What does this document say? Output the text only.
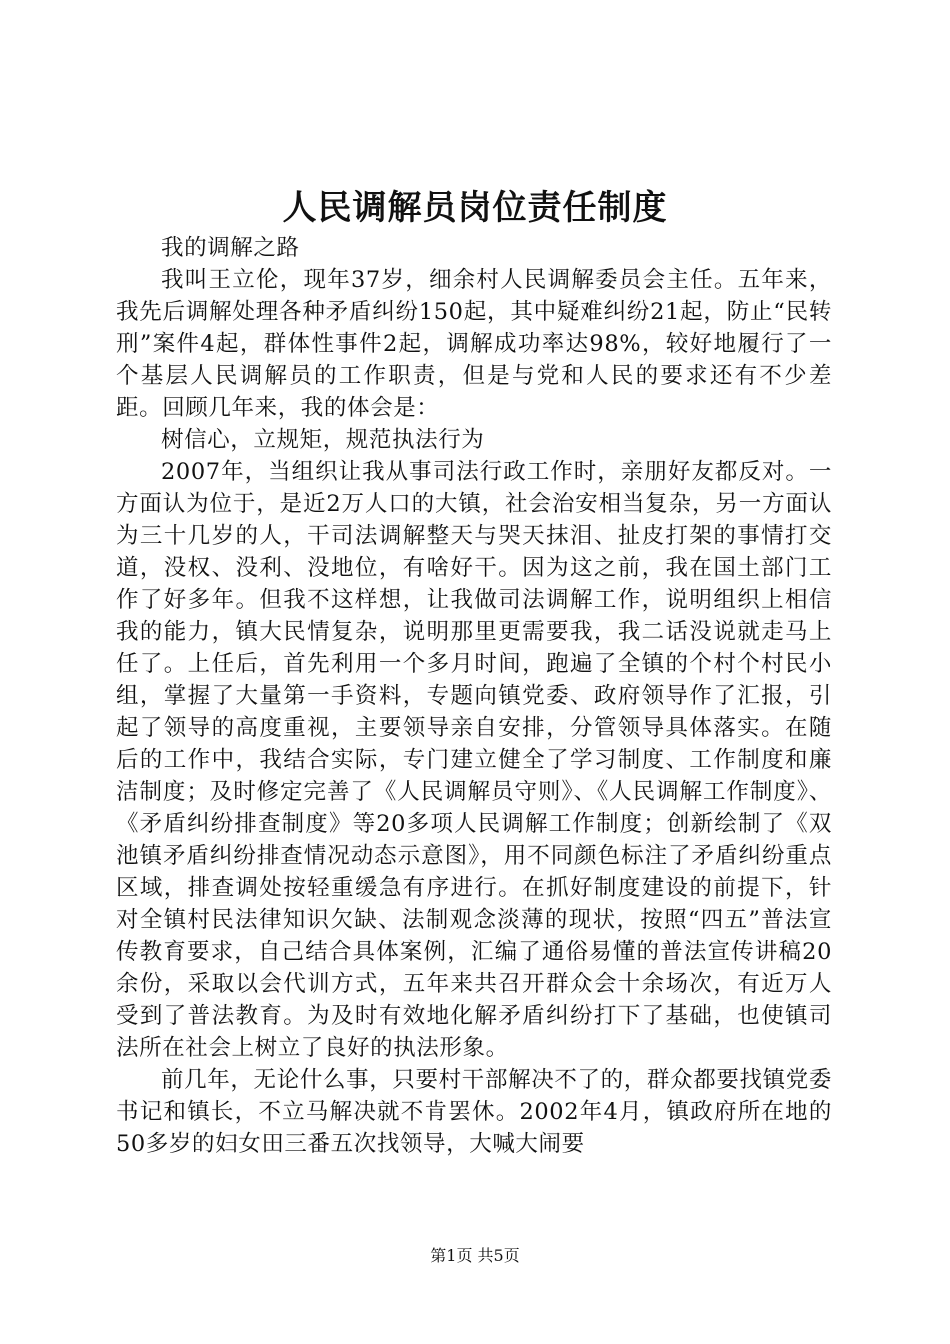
人民调解员岗位责任制度

我的调解之路

我叫王立伦，现年37岁，细余村人民调解委员会主任。五年来，我先后调解处理各种矛盾纠纷150起，其中疑难纠纷21起，防止“民转刑”案件4起，群体性事件2起，调解成功率达98%，较好地履行了一个基层人民调解员的工作职责，但是与党和人民的要求还有不少差距。回顾几年来，我的体会是：

树信心，立规矩，规范执法行为

2007年，当组织让我从事司法行政工作时，亲朋好友都反对。一方面认为位于，是近2万人口的大镇，社会治安相当复杂，另一方面认为三十几岁的人，干司法调解整天与哭天抹泪、扯皮打架的事情打交道，没权、没利、没地位，有啥好干。因为这之前，我在国土部门工作了好多年。但我不这样想，让我做司法调解工作，说明组织上相信我的能力，镇大民情复杂，说明那里更需要我，我二话没说就走马上任了。上任后，首先利用一个多月时间，跑遍了全镇的个村个村民小组，掌握了大量第一手资料，专题向镇党委、政府领导作了汇报，引起了领导的高度重视，主要领导亲自安排，分管领导具体落实。在随后的工作中，我结合实际，专门建立健全了学习制度、工作制度和廉洁制度；及时修定完善了《人民调解员守则》、《人民调解工作制度》、《矛盾纠纷排查制度》等20多项人民调解工作制度；创新绘制了《双池镇矛盾纠纷排查情况动态示意图》，用不同颜色标注了矛盾纠纷重点区域，排查调处按轻重缓急有序进行。在抓好制度建设的前提下，针对全镇村民法律知识欠缺、法制观念淡薄的现状，按照“四五”普法宣传教育要求，自己结合具体案例，汇编了通俗易懂的普法宣传讲稿20余份，采取以会代训方式，五年来共召开群众会十余场次，有近万人受到了普法教育。为及时有效地化解矛盾纠纷打下了基础，也使镇司法所在社会上树立了良好的执法形象。

前几年，无论什么事，只要村干部解决不了的，群众都要找镇党委书记和镇长，不立马解决就不肯罢休。2002年4月，镇政府所在地的50多岁的妇女田三番五次找领导，大喊大闹要

第1页 共5页
